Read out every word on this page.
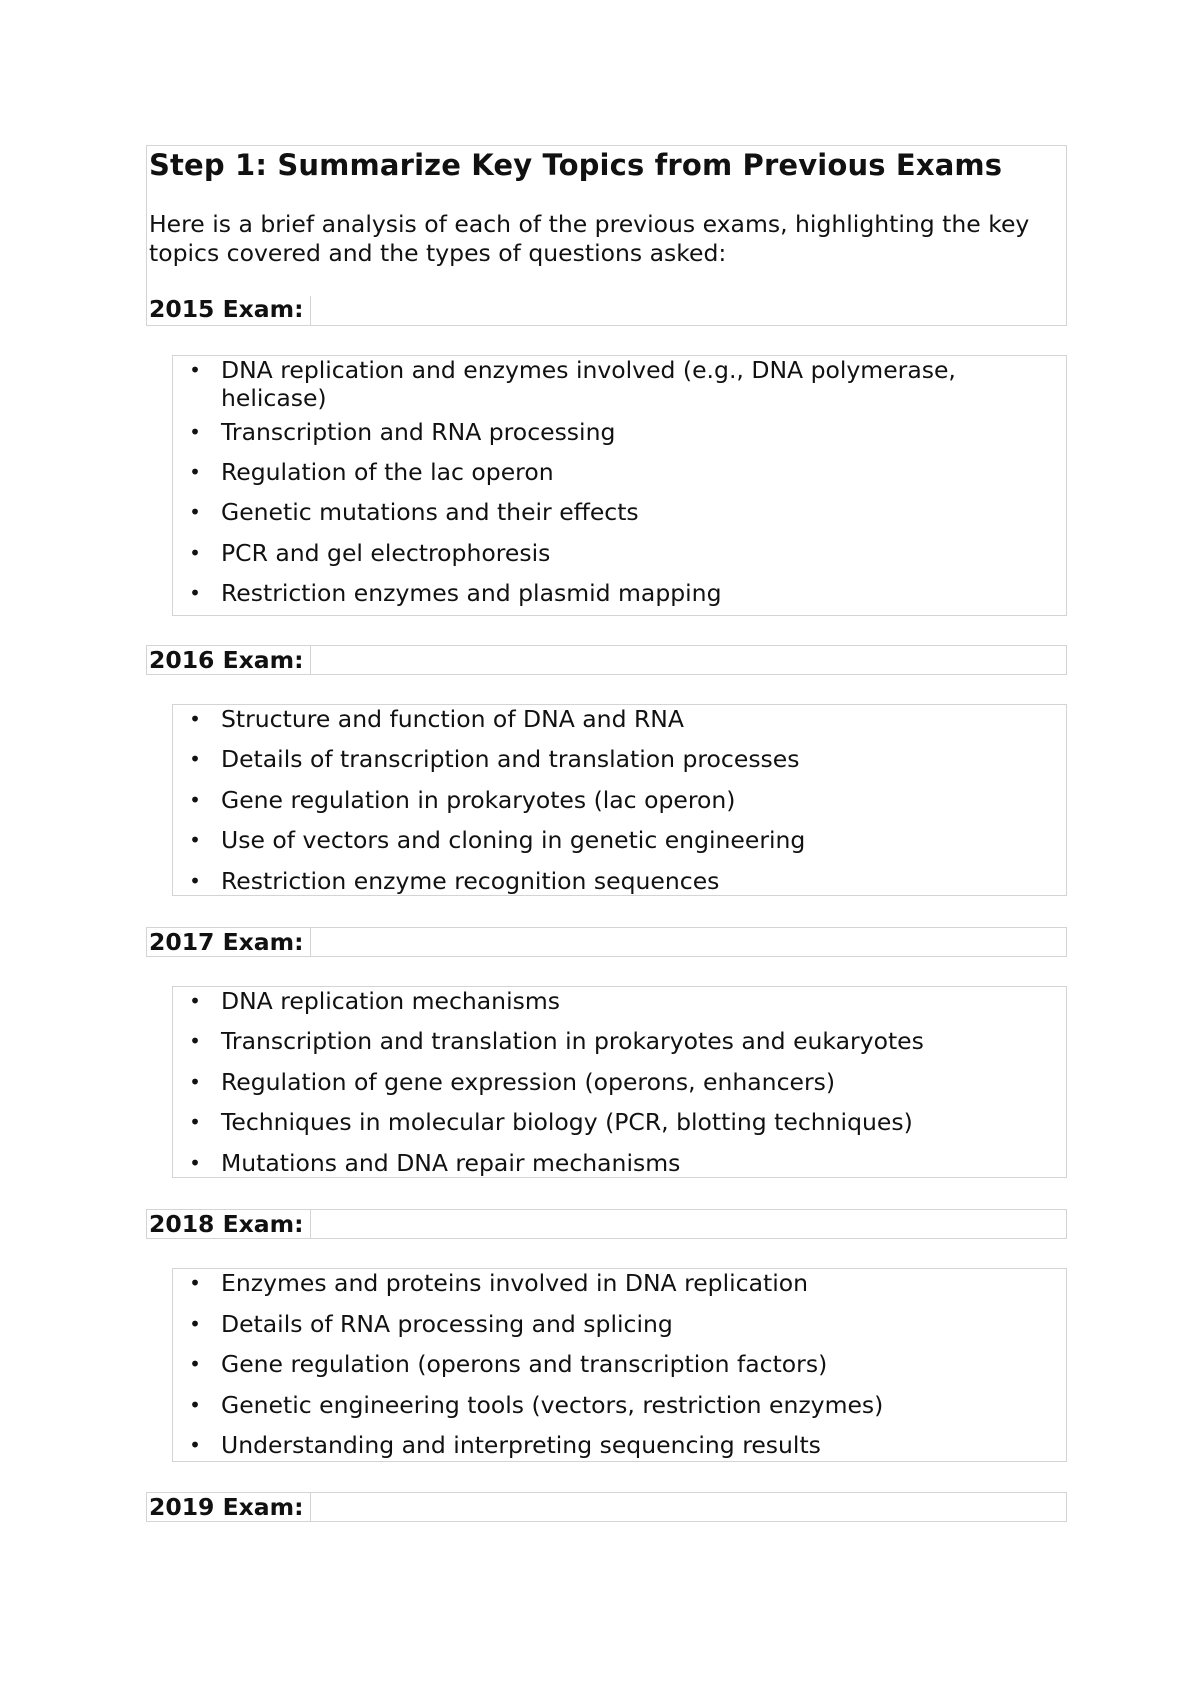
Step 1: Summarize Key Topics from Previous Exams

Here is a brief analysis of each of the previous exams, highlighting the key topics covered and the types of questions asked:

2015 Exam:
• DNA replication and enzymes involved (e.g., DNA polymerase, helicase)
• Transcription and RNA processing
• Regulation of the lac operon
• Genetic mutations and their effects
• PCR and gel electrophoresis
• Restriction enzymes and plasmid mapping
2016 Exam:
• Structure and function of DNA and RNA
• Details of transcription and translation processes
• Gene regulation in prokaryotes (lac operon)
• Use of vectors and cloning in genetic engineering
• Restriction enzyme recognition sequences
2017 Exam:
• DNA replication mechanisms
• Transcription and translation in prokaryotes and eukaryotes
• Regulation of gene expression (operons, enhancers)
• Techniques in molecular biology (PCR, blotting techniques)
• Mutations and DNA repair mechanisms
2018 Exam:
• Enzymes and proteins involved in DNA replication
• Details of RNA processing and splicing
• Gene regulation (operons and transcription factors)
• Genetic engineering tools (vectors, restriction enzymes)
• Understanding and interpreting sequencing results
2019 Exam:
